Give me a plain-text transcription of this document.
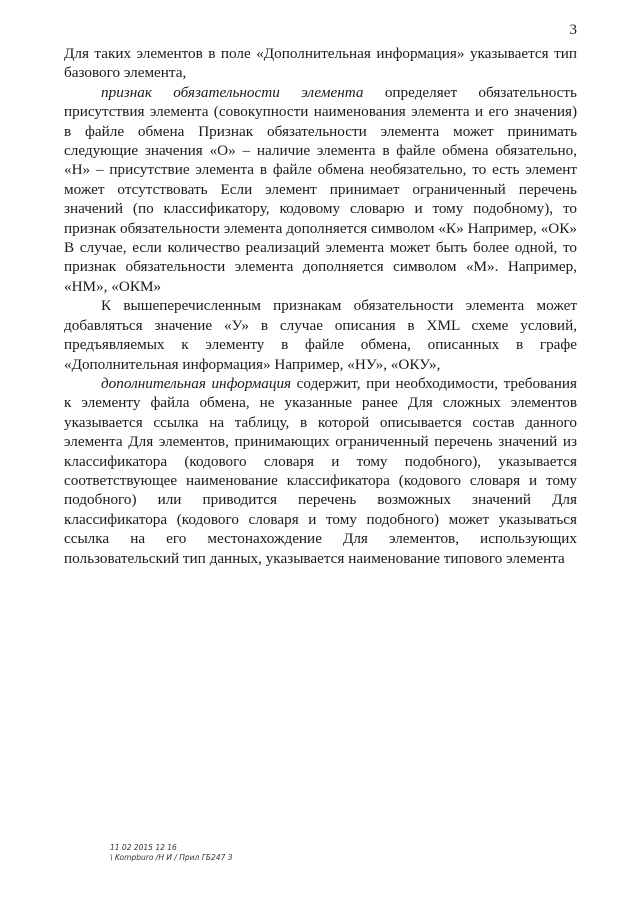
3

Для таких элементов в поле «Дополнительная информация» указывается тип базового элемента,

признак обязательности элемента определяет обязательность присутствия элемента (совокупности наименования элемента и его значения) в файле обмена Признак обязательности элемента может принимать следующие значения «О» – наличие элемента в файле обмена обязательно, «Н» – присутствие элемента в файле обмена необязательно, то есть элемент может отсутствовать Если элемент принимает ограниченный перечень значений (по классификатору, кодовому словарю и тому подобному), то признак обязательности элемента дополняется символом «К» Например, «ОК» В случае, если количество реализаций элемента может быть более одной, то признак обязательности элемента дополняется символом «М». Например, «НМ», «ОКМ»

К вышеперечисленным признакам обязательности элемента может добавляться значение «У» в случае описания в XML схеме условий, предъявляемых к элементу в файле обмена, описанных в графе «Дополнительная информация» Например, «НУ», «ОКУ»,

дополнительная информация содержит, при необходимости, требования к элементу файла обмена, не указанные ранее Для сложных элементов указывается ссылка на таблицу, в которой описывается состав данного элемента Для элементов, принимающих ограниченный перечень значений из классификатора (кодового словаря и тому подобного), указывается соответствующее наименование классификатора (кодового словаря и тому подобного) или приводится перечень возможных значений Для классификатора (кодового словаря и тому подобного) может указываться ссылка на его местонахождение Для элементов, использующих пользовательский тип данных, указывается наименование типового элемента

11 02 2015 12 16
\ Kompburo /Н И / Прил ГБ247 3
